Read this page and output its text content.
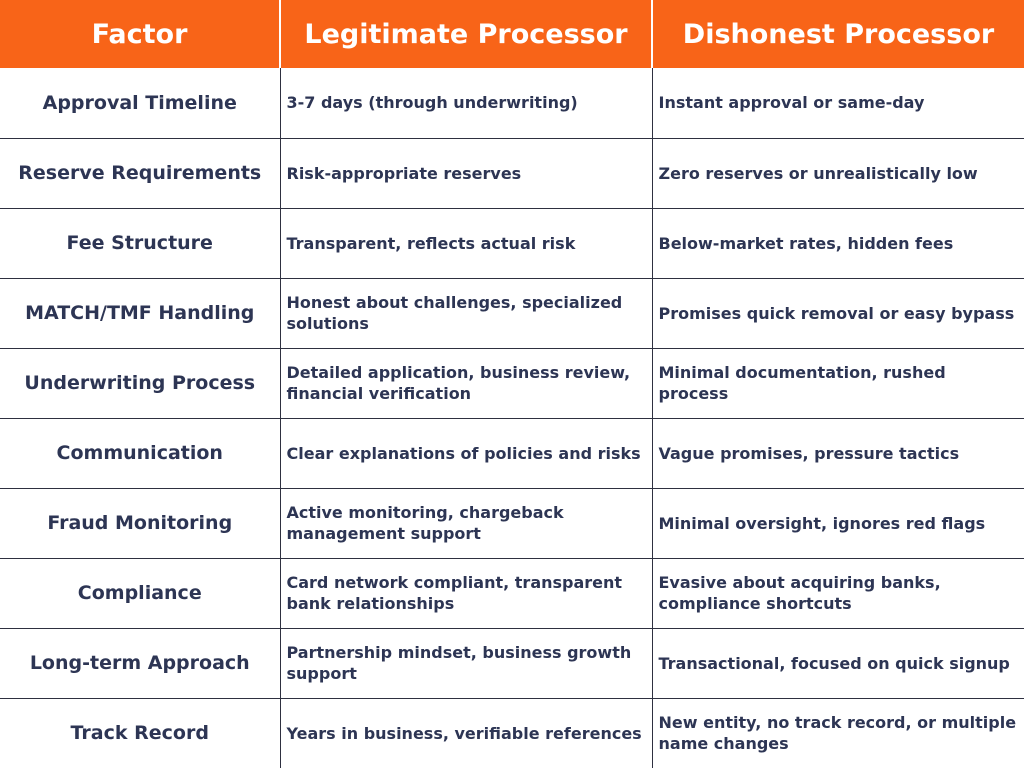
Factor	Legitimate Processor	Dishonest Processor
Approval Timeline	3-7 days (through underwriting)	Instant approval or same-day
Reserve Requirements	Risk-appropriate reserves	Zero reserves or unrealistically low
Fee Structure	Transparent, reflects actual risk	Below-market rates, hidden fees
MATCH/TMF Handling	Honest about challenges, specialized solutions	Promises quick removal or easy bypass
Underwriting Process	Detailed application, business review, financial verification	Minimal documentation, rushed process
Communication	Clear explanations of policies and risks	Vague promises, pressure tactics
Fraud Monitoring	Active monitoring, chargeback management support	Minimal oversight, ignores red flags
Compliance	Card network compliant, transparent bank relationships	Evasive about acquiring banks, compliance shortcuts
Long-term Approach	Partnership mindset, business growth support	Transactional, focused on quick signup
Track Record	Years in business, verifiable references	New entity, no track record, or multiple name changes
